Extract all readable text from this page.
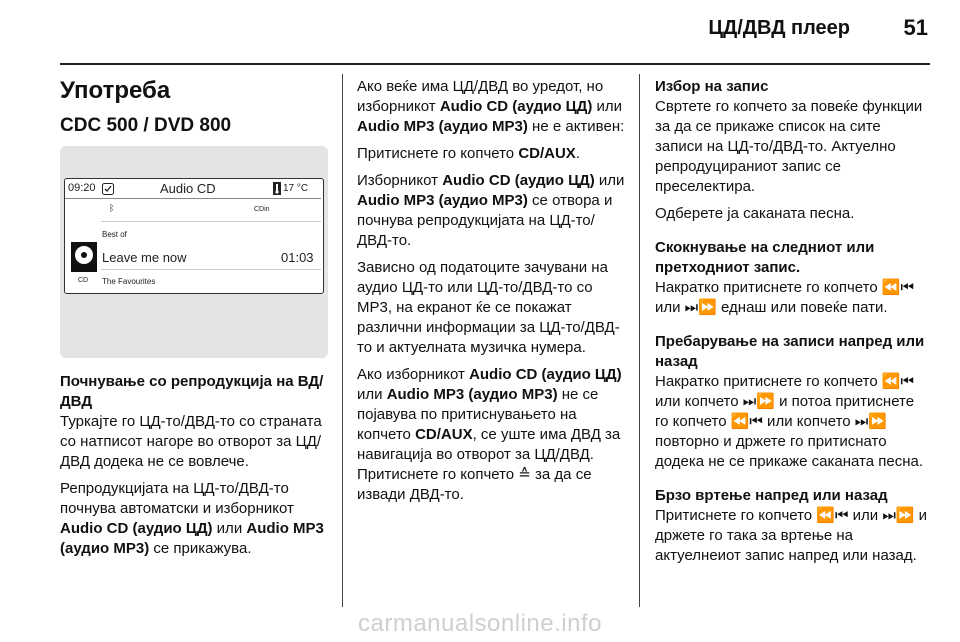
ЦД/ДВД плеер	51
Употреба
CDC 500 / DVD 800
09:20	Audio CD	17 °C
ᛒ	CDin
Best of
Leave me now	01:03
CD The Favourites

Почнување со репродукција на ВД/ДВД
Туркајте го ЦД-то/ДВД-то со страната со натписот нагоре во отворот за ЦД/ДВД додека не се вовлече.

Репродукцијата на ЦД-то/ДВД-то почнува автоматски и изборникот Audio CD (аудио ЦД) или Audio MP3 (аудио MP3) се прикажува.

Ако веќе има ЦД/ДВД во уредот, но изборникот Audio CD (аудио ЦД) или Audio MP3 (аудио MP3) не е активен:

Притиснете го копчето CD/AUX.

Изборникот Audio CD (аудио ЦД) или Audio MP3 (аудио MP3) се отвора и почнува репродукцијата на ЦД-то/ДВД-то.

Зависно од податоците зачувани на аудио ЦД-то или ЦД-то/ДВД-то со MP3, на екранот ќе се покажат различни информации за ЦД-то/ДВД-то и актуелната музичка нумера.

Ако изборникот Audio CD (аудио ЦД) или Audio MP3 (аудио MP3) не се појавува по притиснувањето на копчето CD/AUX, се уште има ДВД за навигација во отворот за ЦД/ДВД. Притиснете го копчето ≙ за да се извади ДВД-то.

Избор на запис
Свртете го копчето за повеќе функции за да се прикаже список на сите записи на ЦД-то/ДВД-то. Актуелно репродуцираниот запис се преселектира.

Одберете ја саканата песна.

Скокнување на следниот или претходниот запис.
Накратко притиснете го копчето ⏪⏮ или ⏭⏩ еднаш или повеќе пати.

Пребарување на записи напред или назад
Накратко притиснете го копчето ⏪⏮ или копчето ⏭⏩ и потоа притиснете го копчето ⏪⏮ или копчето ⏭⏩ повторно и држете го притиснато додека не се прикаже саканата песна.

Брзо вртење напред или назад
Притиснете го копчето ⏪⏮ или ⏭⏩ и држете го така за вртење на актуелнеиот запис напред или назад.

carmanualsonline.info
